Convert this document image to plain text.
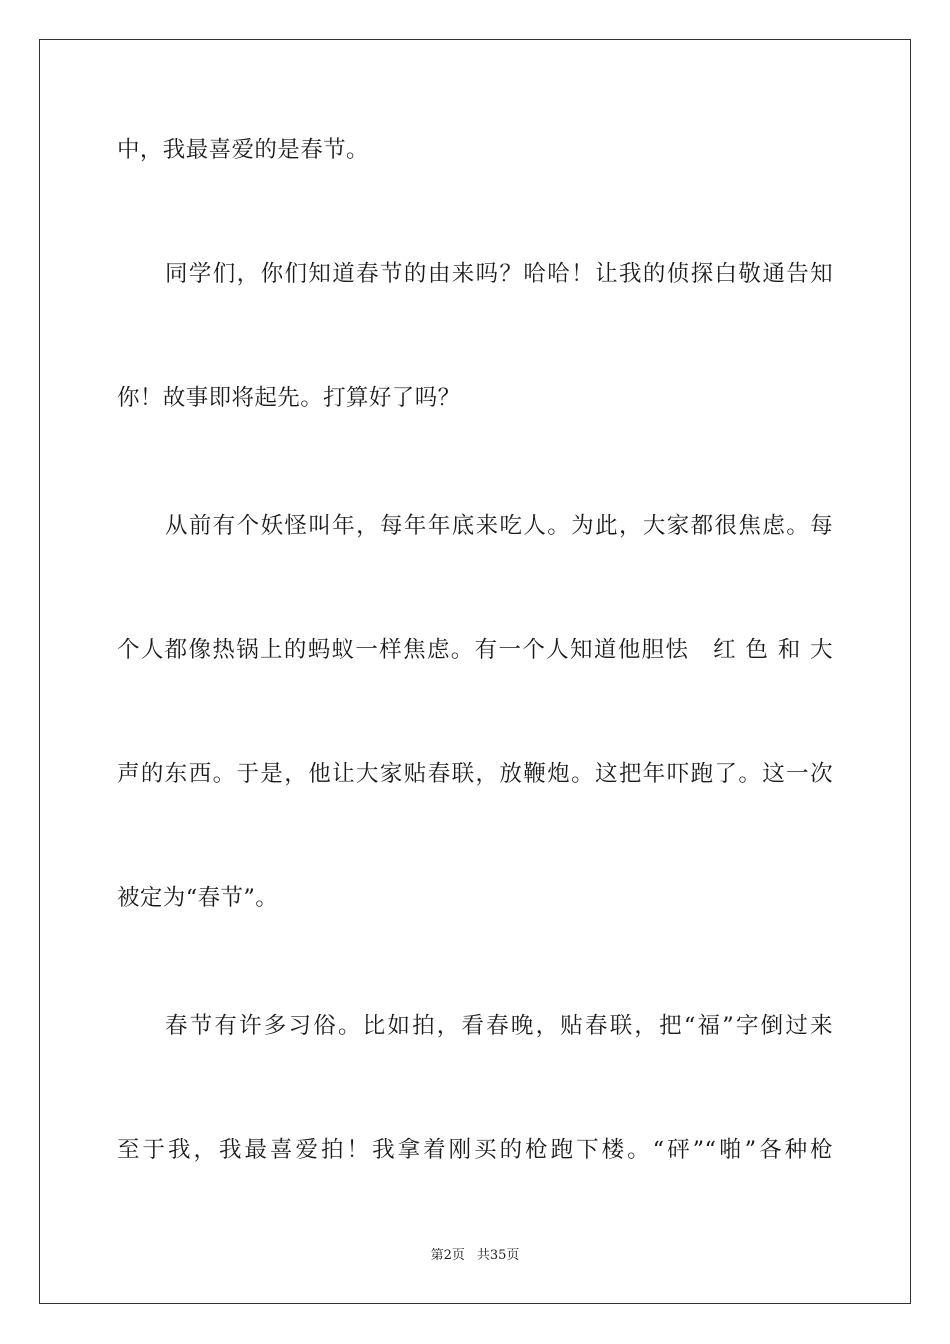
中，我最喜爱的是春节。
同学们，你们知道春节的由来吗？哈哈！让我的侦探白敬通告知
你！故事即将起先。打算好了吗？
从前有个妖怪叫年，每年年底来吃人。为此，大家都很焦虑。每
个人都像热锅上的蚂蚁一样焦虑。有一个人知道他胆怯　红 色 和 大
声的东西。于是，他让大家贴春联，放鞭炮。这把年吓跑了。这一次
被定为“春节”。
春节有许多习俗。比如拍，看春晚，贴春联，把“福”字倒过来
至于我，我最喜爱拍！我拿着刚买的枪跑下楼。“砰”“啪”各种枪
第2页 共35页
